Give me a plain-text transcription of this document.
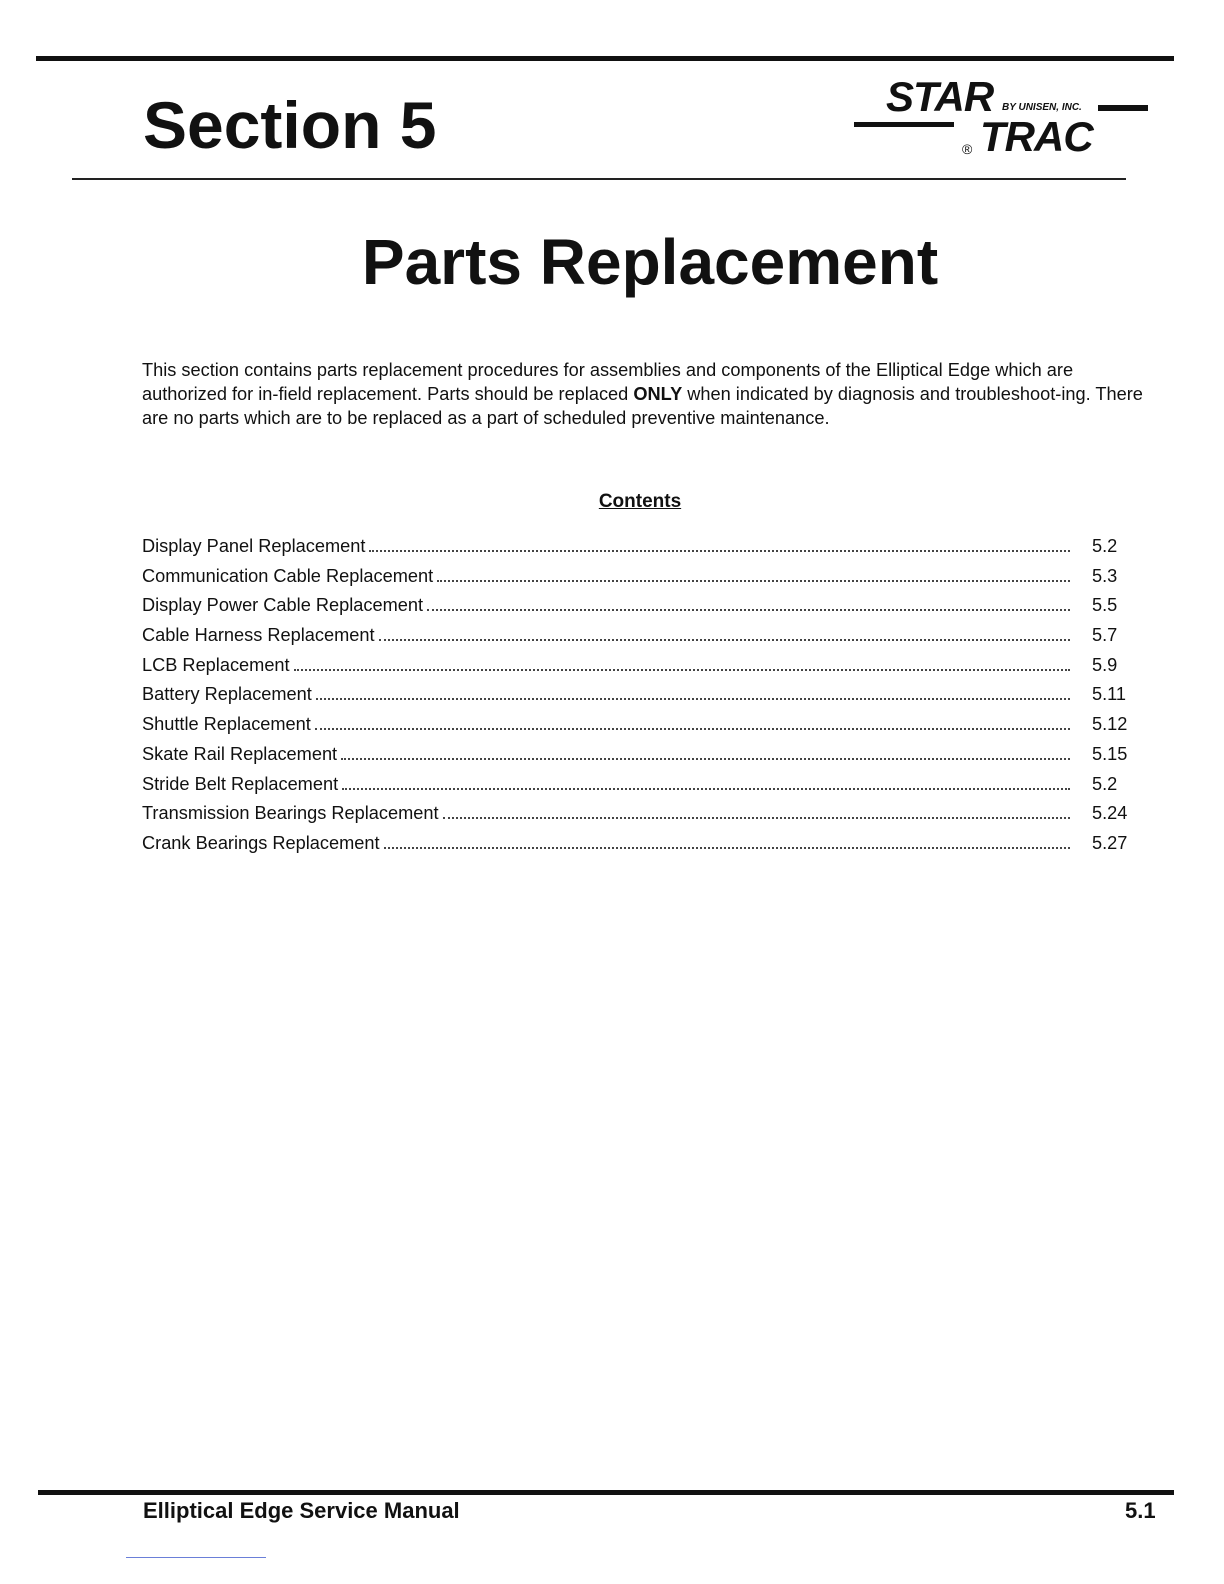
Section 5	STAR BY UNISEN, INC.
® TRAC
Parts Replacement

This section contains parts replacement procedures for assemblies and components of the Elliptical Edge which are authorized for in-field replacement. Parts should be replaced ONLY when indicated by diagnosis and troubleshoot-ing. There are no parts which are to be replaced as a part of scheduled preventive maintenance.

Contents
Display Panel Replacement	5.2
Communication Cable Replacement	5.3
Display Power Cable Replacement	5.5
Cable Harness Replacement	5.7
LCB Replacement	5.9
Battery Replacement	5.11
Shuttle Replacement	5.12
Skate Rail Replacement	5.15
Stride Belt Replacement	5.2
Transmission Bearings Replacement	5.24
Crank Bearings Replacement	5.27
Elliptical Edge Service Manual	5.1
